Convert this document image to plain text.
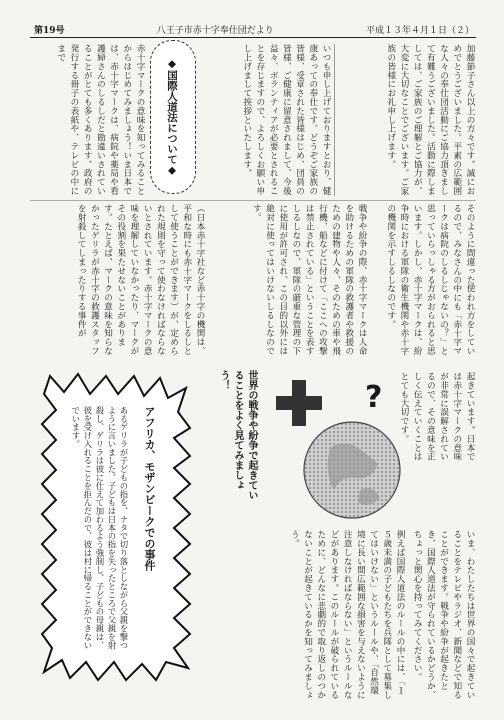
第19号	八王子市赤十字奉仕団だより	平成１３年４月１日（２）
加藤節子さん以上の方々です。誠におめでとうございました。平素の広範囲な人々の奉仕団活動にご協力頂きまして有難うございました。活動に際しましては、ご家族のご理解とご協力が、大変に大切なことでございます。ご家族の皆様にお礼申し上げます。
いつも申し上げておりますとおり、健康あっての奉仕です。どうぞご家族の皆様、受章された皆様はじめ、団員の皆様、ご健康に留意されまして、今後益々、ボランティアが必要とされることを存じますので、よろしくお願い申し上げまして挨拶といたします。
◆国際人道法について◆
赤十字マークの意味を知ってみることからはじめてみましょう！いま日本では、赤十字マークは、病院や薬局や看護婦さんのしるしだと勘違いされていることがとても多くあります。政府の発行する冊子の表紙や、テレビの中にまで
そのように間違った使われ方をしているので、みなさんの中にも「赤十字マークは病院のしるしじゃないの？」と思っていらっしゃる方がおられると思います。しかし、赤十字マークは、紛争時における軍隊の衛生機関や赤十字の機関を示すしるしなのです。
戦争や紛争の際、赤十字マークは人命を助けるための軍隊の救護者や救援のための建物や人々、そのための車や飛行機、船などに付けて「ここへの攻撃は禁止されている」ということを表すしるしなので、軍隊の厳重な管理の下に使用が許可され、この目的以外には絶対に使ってはいけないしるしなのです。
（日本赤十字社など赤十字の機関は、平和な時にも赤十字マークをしるしとして使うことができます）が、定められた規則を守って使わなければならないとされています。赤十字マークの意味を理解していなかったり、マークがその役割を果たせないことがあります。たとえば、マークの意味を知らなかったゲリラが赤十字の救護スタッフを射殺してしまったりする事件が
アフリカ、モザンビークでの事件
あるゲリラが子どもの指を、ナタで切り落としながら父親を撃つように言いました。子どもは日本の指を失ったところで父親を射殺し、ゲリラは彼に仕えて加わるよう強制し、子どもの母親は、彼を受け入れることを拒んだので、彼は村に帰ることができないでいます。	世界の戦争や紛争で起きていることをよく見てみましょう！	?	起きています。日本では赤十字マークの意味が非常に誤解されているので、その意味を正しく伝えていくことはとても大切です。
いま、わたしたちは世界の国々で起きていることをテレビやラジオ、新聞などで知ることができます。戦争や紛争が起きたとき、国際人道法が守られているかどうか、ちょっと関心を持ってみてください。
例えば国際人道法のルールの中には、「１５歳未満の子どもたちを兵隊として募集してはいけない」というルールや、「自然環境に長い間広範囲な損害を与えないように注意しなければならない」というルールなどがあります。このルールが破られているために、どんなに悲劇的で取り返しのつかないことが起きているかを知ってみましょう。
